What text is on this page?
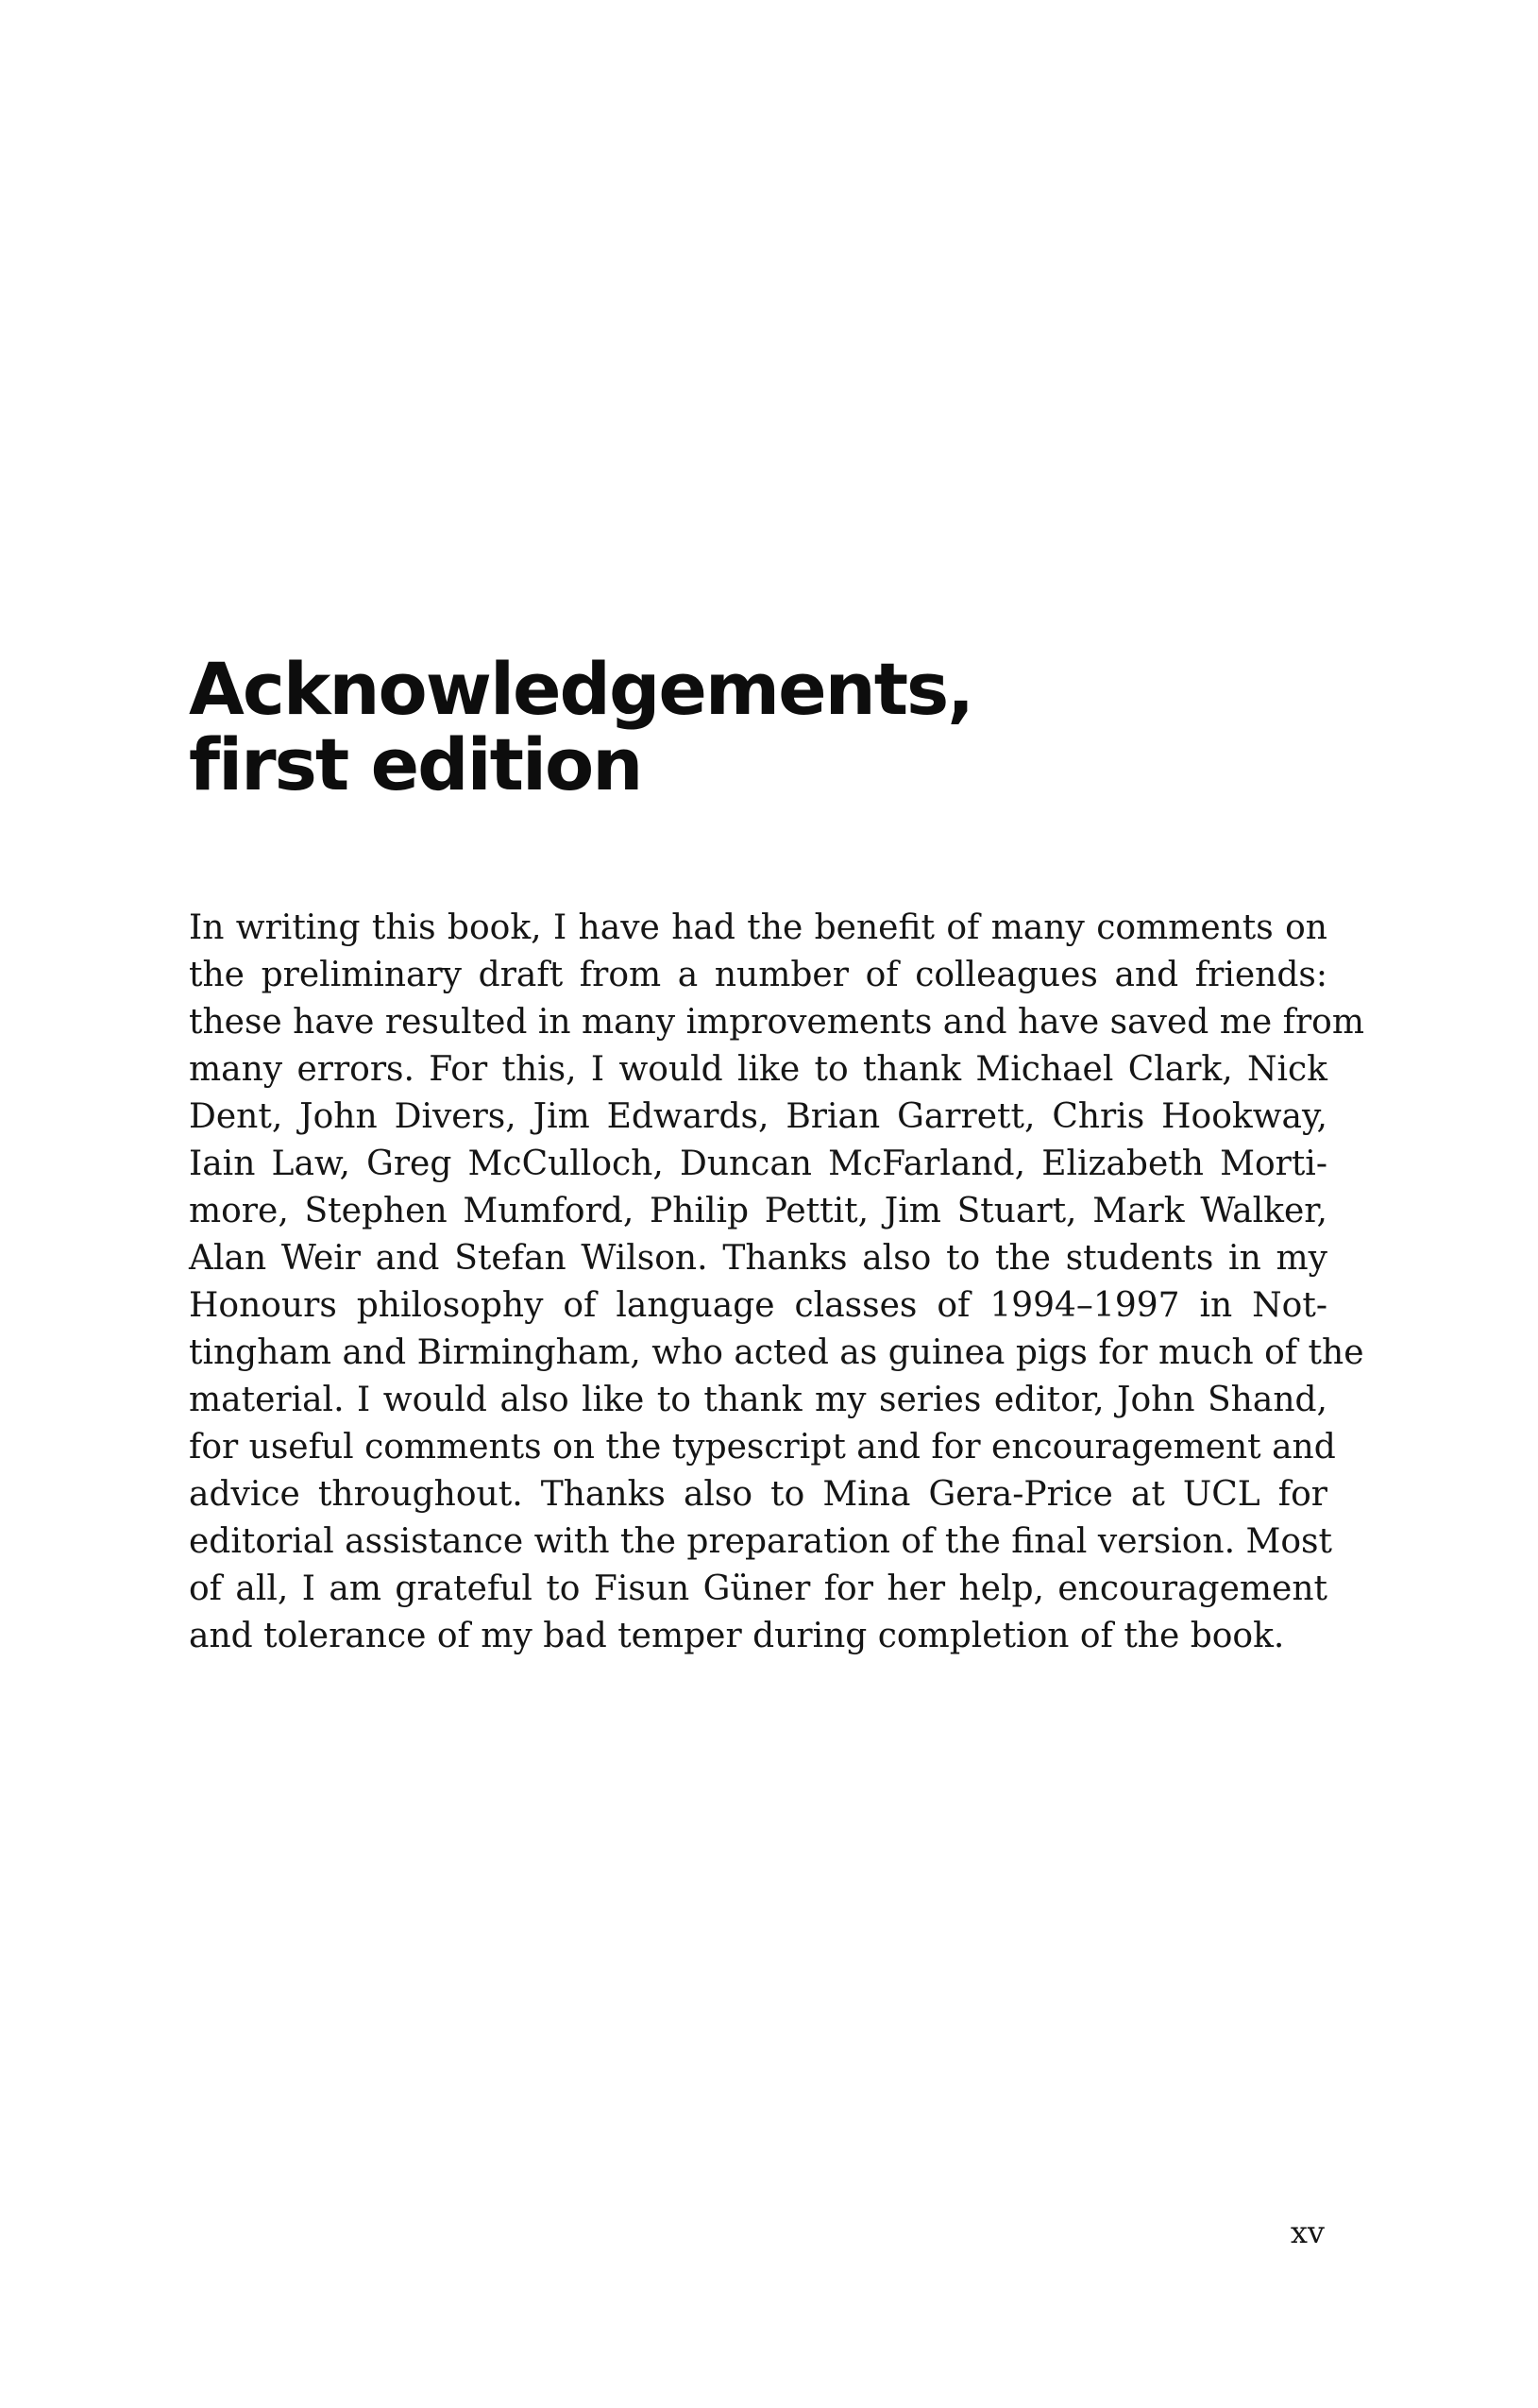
Acknowledgements,
first edition
In writing this book, I have had the benefit of many comments on
the preliminary draft from a number of colleagues and friends:
these have resulted in many improvements and have saved me from
many errors. For this, I would like to thank Michael Clark, Nick
Dent, John Divers, Jim Edwards, Brian Garrett, Chris Hookway,
Iain Law, Greg McCulloch, Duncan McFarland, Elizabeth Morti-
more, Stephen Mumford, Philip Pettit, Jim Stuart, Mark Walker,
Alan Weir and Stefan Wilson. Thanks also to the students in my
Honours philosophy of language classes of 1994–1997 in Not-
tingham and Birmingham, who acted as guinea pigs for much of the
material. I would also like to thank my series editor, John Shand,
for useful comments on the typescript and for encouragement and
advice throughout. Thanks also to Mina Gera-Price at UCL for
editorial assistance with the preparation of the final version. Most
of all, I am grateful to Fisun Güner for her help, encouragement
and tolerance of my bad temper during completion of the book.
xv
